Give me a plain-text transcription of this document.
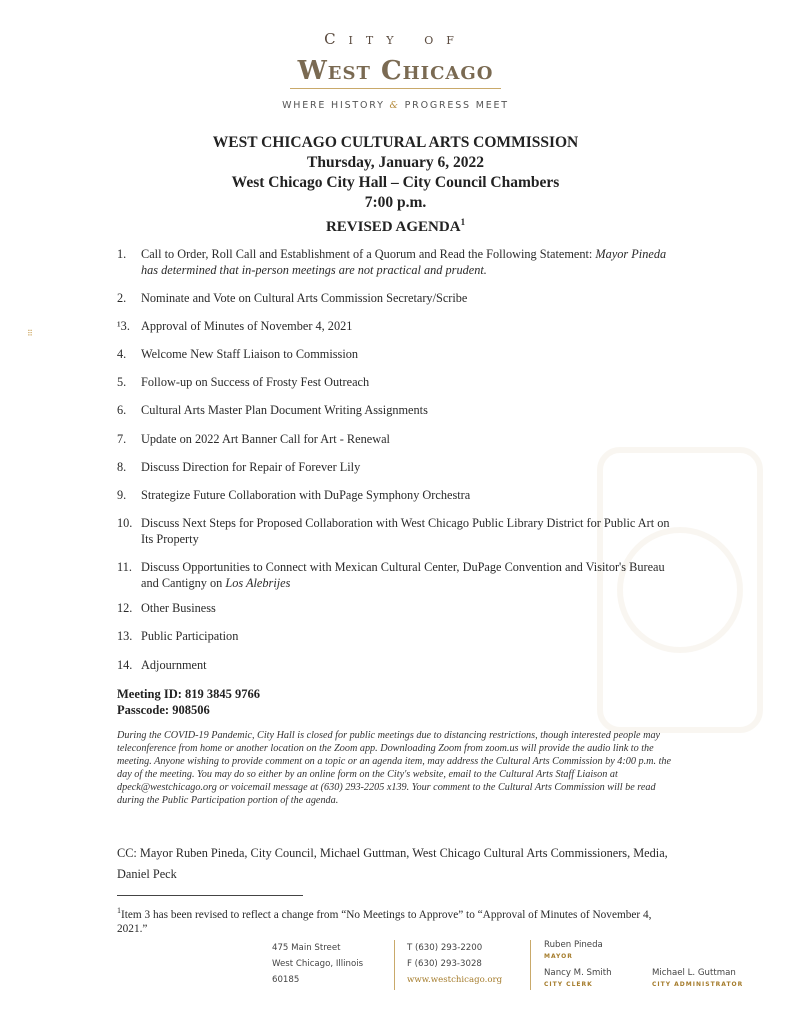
⠿
City of
West Chicago
WHERE HISTORY & PROGRESS MEET
WEST CHICAGO CULTURAL ARTS COMMISSION
Thursday, January 6, 2022
West Chicago City Hall – City Council Chambers
7:00 p.m.
REVISED AGENDA$^1$
1. Call to Order, Roll Call and Establishment of a Quorum and Read the Following Statement: Mayor Pineda has determined that in-person meetings are not practical and prudent.
2. Nominate and Vote on Cultural Arts Commission Secretary/Scribe
¹3. Approval of Minutes of November 4, 2021
4. Welcome New Staff Liaison to Commission
5. Follow-up on Success of Frosty Fest Outreach
6. Cultural Arts Master Plan Document Writing Assignments
7. Update on 2022 Art Banner Call for Art - Renewal
8. Discuss Direction for Repair of Forever Lily
9. Strategize Future Collaboration with DuPage Symphony Orchestra
10. Discuss Next Steps for Proposed Collaboration with West Chicago Public Library District for Public Art on Its Property
11. Discuss Opportunities to Connect with Mexican Cultural Center, DuPage Convention and Visitor's Bureau and Cantigny on Los Alebrijes
12. Other Business
13. Public Participation
14. Adjournment
Meeting ID: 819 3845 9766
Passcode: 908506
During the COVID-19 Pandemic, City Hall is closed for public meetings due to distancing restrictions, though interested people may teleconference from home or another location on the Zoom app. Downloading Zoom from zoom.us will provide the audio link to the meeting. Anyone wishing to provide comment on a topic or an agenda item, may address the Cultural Arts Commission by 4:00 p.m. the day of the meeting. You may do so either by an online form on the City's website, email to the Cultural Arts Staff Liaison at dpeck@westchicago.org or voicemail message at (630) 293-2205 x139. Your comment to the Cultural Arts Commission will be read during the Public Participation portion of the agenda.
CC: Mayor Ruben Pineda, City Council, Michael Guttman, West Chicago Cultural Arts Commissioners, Media, Daniel Peck
$^1$Item 3 has been revised to reflect a change from “No Meetings to Approve” to “Approval of Minutes of November 4, 2021.”
475 Main Street
West Chicago, Illinois
60185
T (630) 293-2200
F (630) 293-3028
www.westchicago.org
Ruben Pineda
MAYOR
Nancy M. Smith
CITY CLERK
Michael L. Guttman
CITY ADMINISTRATOR
